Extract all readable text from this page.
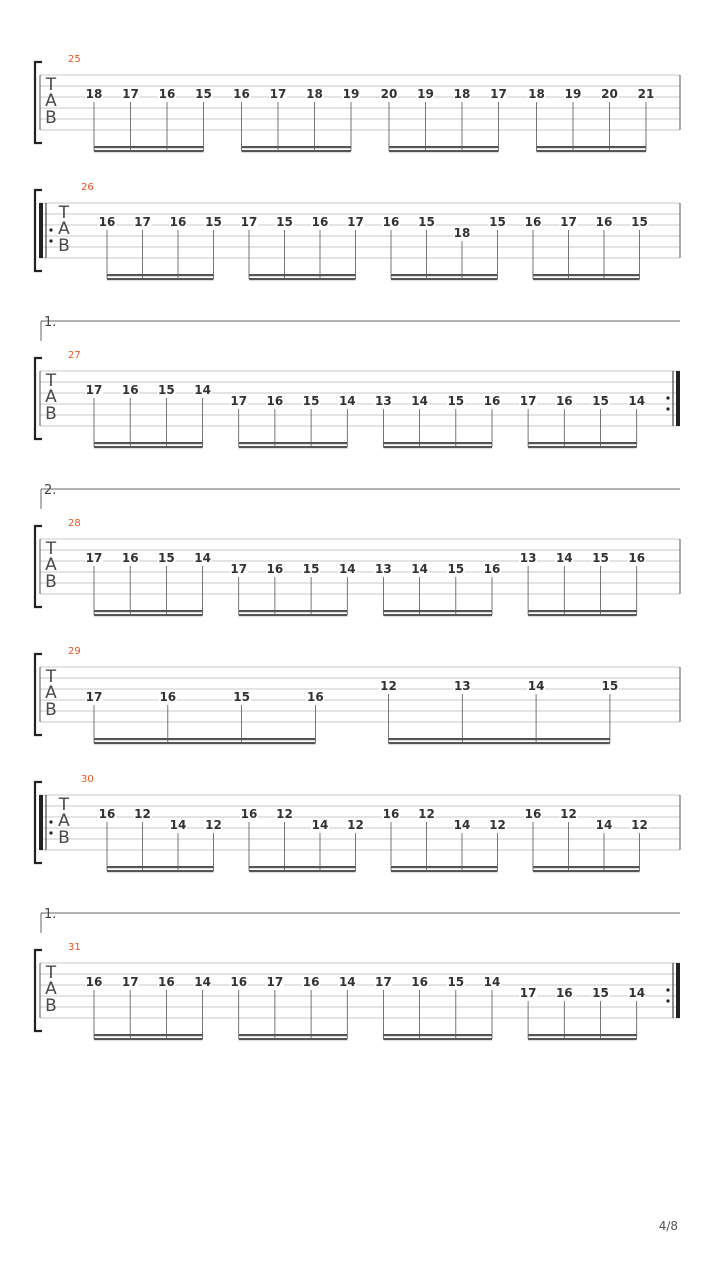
T
A
B
25
18 17 16 15 16 17 18 19 20 19 18 17 18 19 20 21
T
A
B
26
16 17 16 15 17 15 16 17 16 15
18
15 16 17 16 15
T
A
B
27
1.
17 16 15 14
17 16 15 14 13 14 15 16 17 16 15 14
T
A
B
28
2.
17 16 15 14
17 16 15 14 13 14 15 16
13 14 15 16
T
A
B
29
17	16	15	16
12	13	14	15
T
A
B
30
16 12
14 12
16 12
14 12
16 12
14 12
16 12
14 12
T
A
B
31
1.
16 17 16 14 16 17 16 14 17 16 15 14
17 16 15 14
4/8
